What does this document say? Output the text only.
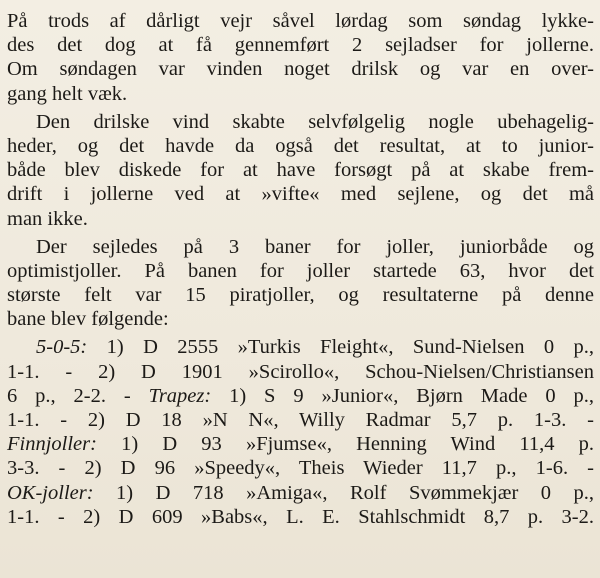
På trods af dårligt vejr såvel lørdag som søndag lykke-
des det dog at få gennemført 2 sejladser for jollerne.
Om søndagen var vinden noget drilsk og var en over-
gang helt væk.
Den drilske vind skabte selvfølgelig nogle ubehagelig-
heder, og det havde da også det resultat, at to junior-
både blev diskede for at have forsøgt på at skabe frem-
drift i jollerne ved at »vifte« med sejlene, og det må
man ikke.
Der sejledes på 3 baner for joller, juniorbåde og
optimistjoller. På banen for joller startede 63, hvor det
største felt var 15 piratjoller, og resultaterne på denne
bane blev følgende:
5-0-5: 1) D 2555 »Turkis Fleight«, Sund-Nielsen 0 p.,
1-1. - 2) D 1901 »Scirollo«, Schou-Nielsen/Christiansen
6 p., 2-2. - Trapez: 1) S 9 »Junior«, Bjørn Made 0 p.,
1-1. - 2) D 18 »N N«, Willy Radmar 5,7 p. 1-3. -
Finnjoller: 1) D 93 »Fjumse«, Henning Wind 11,4 p.
3-3. - 2) D 96 »Speedy«, Theis Wieder 11,7 p., 1-6. -
OK-joller: 1) D 718 »Amiga«, Rolf Svømmekjær 0 p.,
1-1. - 2) D 609 »Babs«, L. E. Stahlschmidt 8,7 p. 3-2.
